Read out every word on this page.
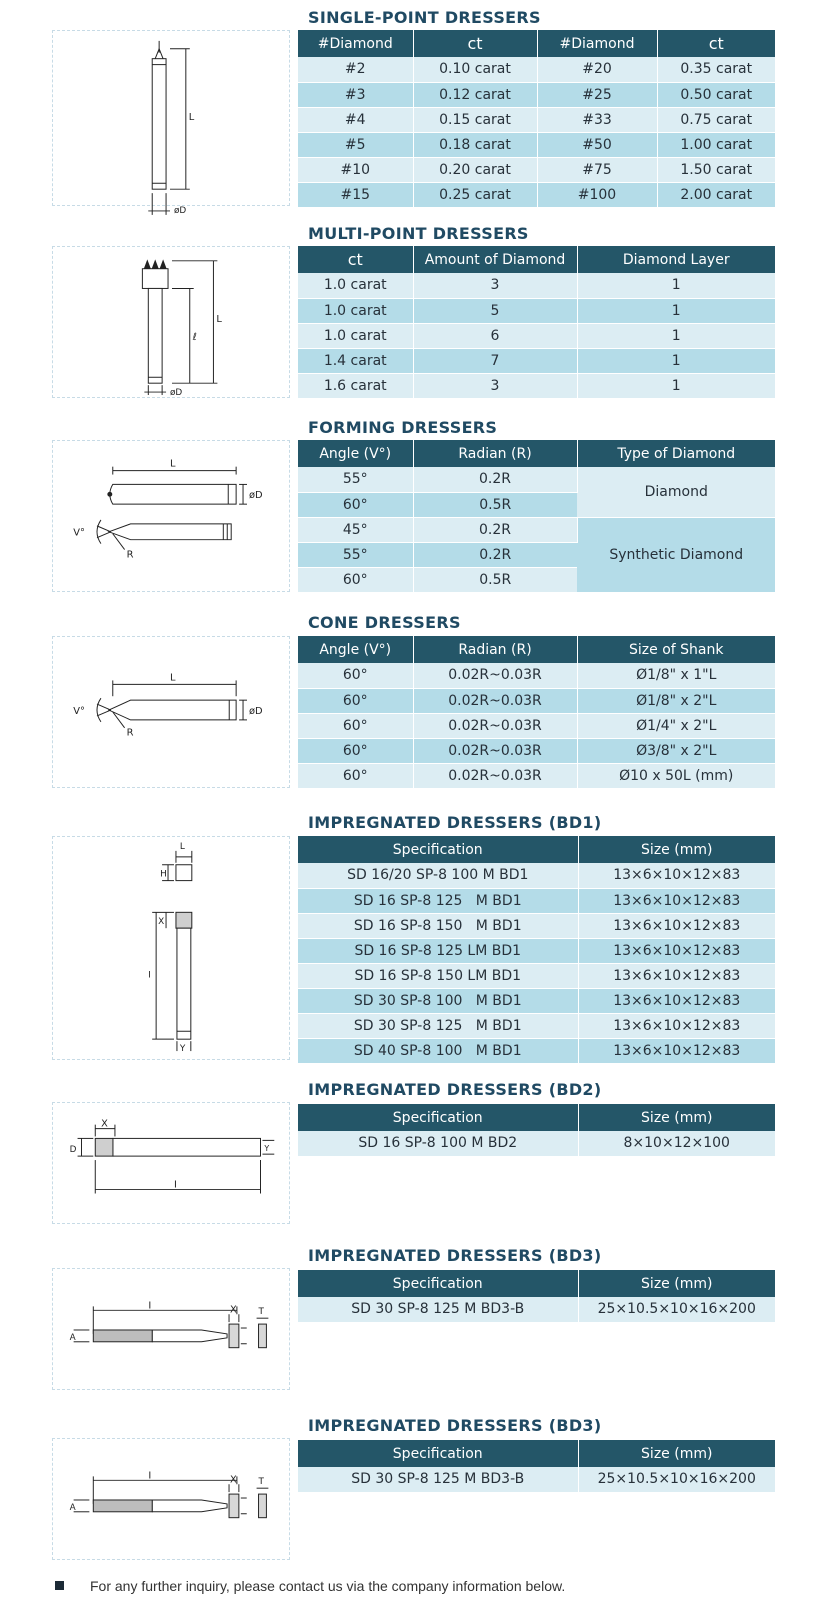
SINGLE-POINT DRESSERS
L
øD
#Diamond	ct	#Diamond	ct
#2	0.10 carat	#20	0.35 carat
#3	0.12 carat	#25	0.50 carat
#4	0.15 carat	#33	0.75 carat
#5	0.18 carat	#50	1.00 carat
#10	0.20 carat	#75	1.50 carat
#15	0.25 carat	#100	2.00 carat
MULTI-POINT DRESSERS
L
ℓ
øD
ct	Amount of Diamond	Diamond Layer
1.0 carat	3	1
1.0 carat	5	1
1.0 carat	6	1
1.4 carat	7	1
1.6 carat	3	1
FORMING DRESSERS
L
øD
V°
R
Angle (V°)	Radian (R)	Type of Diamond
55°	0.2R	Diamond
60°	0.5R	
45°	0.2R	Synthetic Diamond
55°	0.2R	
60°	0.5R	
CONE DRESSERS
L
øD
V°
R
Angle (V°)	Radian (R)	Size of Shank
60°	0.02R~0.03R	Ø1/8" x 1"L
60°	0.02R~0.03R	Ø1/8" x 2"L
60°	0.02R~0.03R	Ø1/4" x 2"L
60°	0.02R~0.03R	Ø3/8" x 2"L
60°	0.02R~0.03R	Ø10 x 50L (mm)
IMPREGNATED DRESSERS (BD1)
L
H
X
I
Y
Specification	Size (mm)
SD 16/20 SP-8 100 M BD1	13×6×10×12×83
SD 16 SP-8 125   M BD1	13×6×10×12×83
SD 16 SP-8 150   M BD1	13×6×10×12×83
SD 16 SP-8 125 LM BD1	13×6×10×12×83
SD 16 SP-8 150 LM BD1	13×6×10×12×83
SD 30 SP-8 100   M BD1	13×6×10×12×83
SD 30 SP-8 125   M BD1	13×6×10×12×83
SD 40 SP-8 100   M BD1	13×6×10×12×83
IMPREGNATED DRESSERS (BD2)
X
D
I
Y
Specification	Size (mm)
SD 16 SP-8 100 M BD2	8×10×12×100
IMPREGNATED DRESSERS (BD3)
I	X T
A
Specification	Size (mm)
SD 30 SP-8 125 M BD3-B	25×10.5×10×16×200
IMPREGNATED DRESSERS (BD3)
I	X T
A
Specification	Size (mm)
SD 30 SP-8 125 M BD3-B	25×10.5×10×16×200
For any further inquiry, please contact us via the company information below.
